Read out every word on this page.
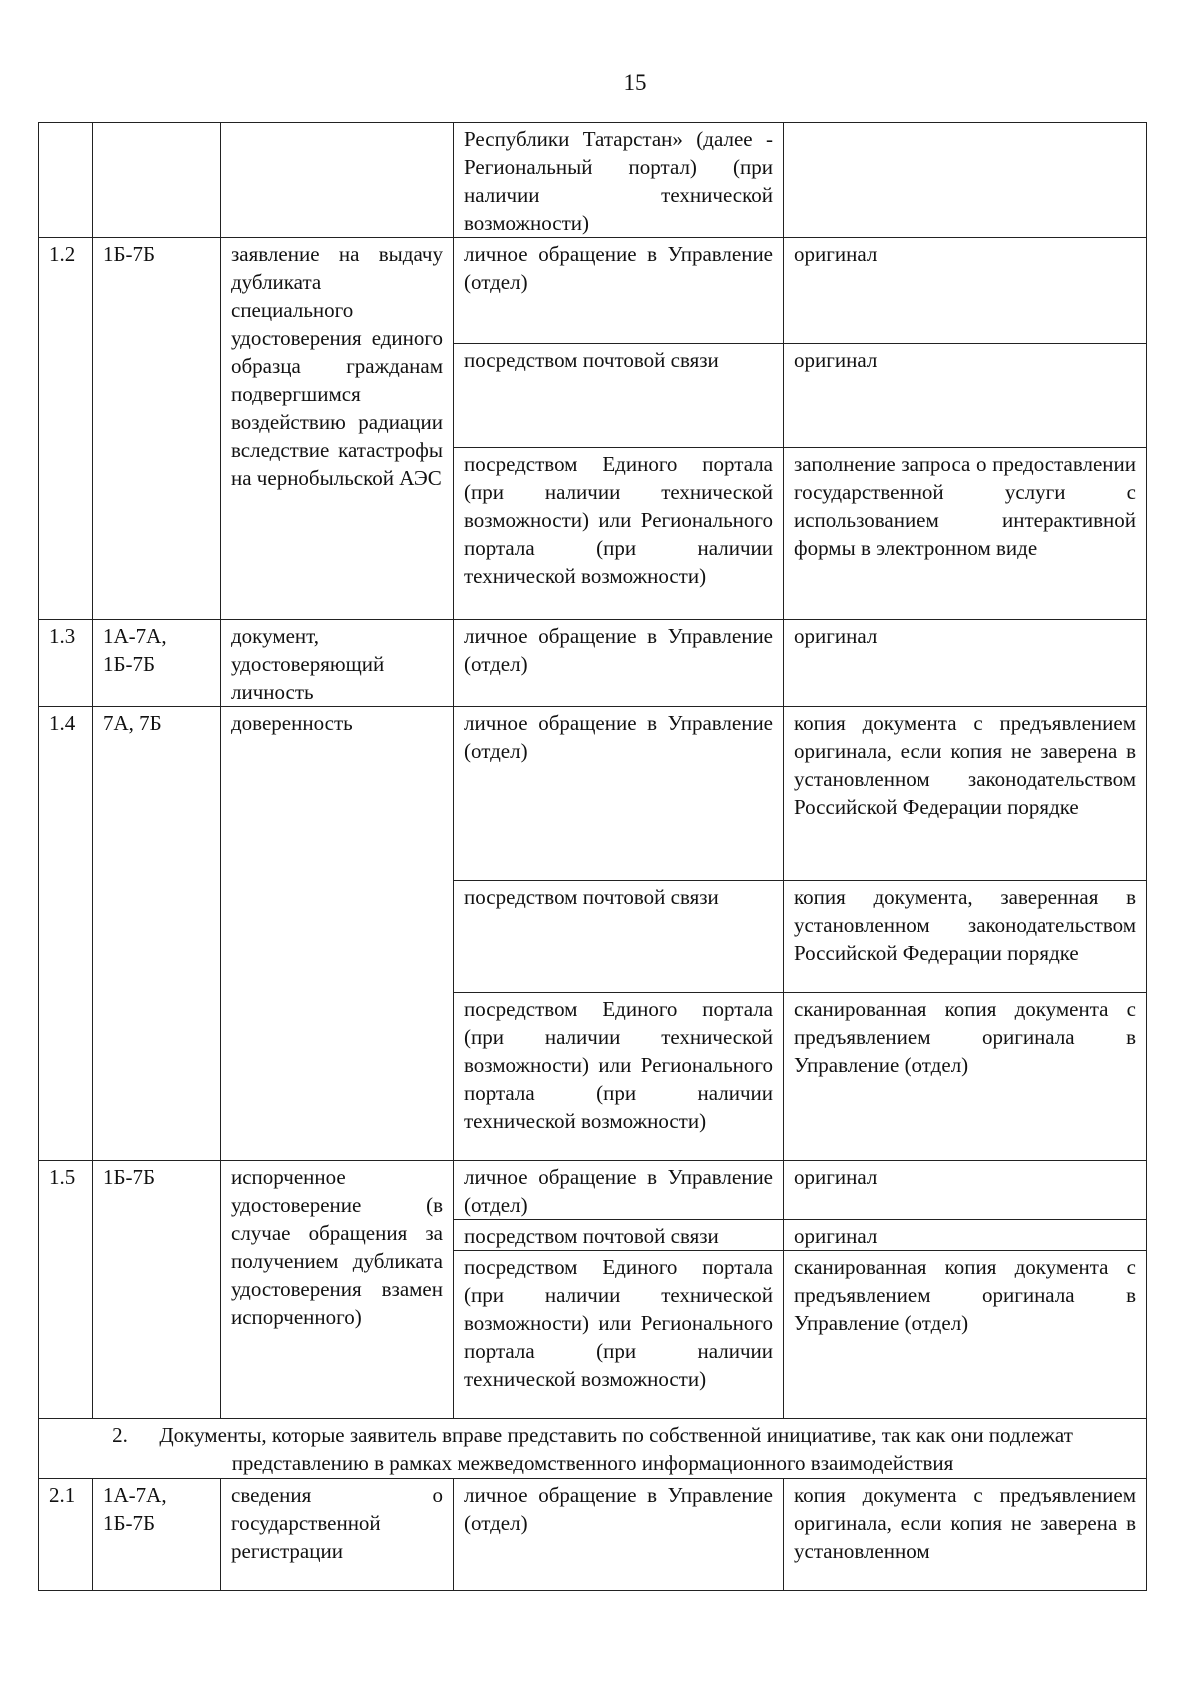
15
			Республики Татарстан» (далее - Региональный портал) (при наличии технической возможности)	
1.2	1Б-7Б	заявление на выдачу дубликата специального удостоверения единого образца гражданам подвергшимся воздействию радиации вследствие катастрофы на чернобыльской АЭС	личное обращение в Управление (отдел)	оригинал
			посредством почтовой связи	оригинал
			посредством Единого портала (при наличии технической возможности) или Регионального портала (при наличии технической возможности)	заполнение запроса о предоставлении государственной услуги с использованием интерактивной формы в электронном виде
1.3	1А-7А, 1Б-7Б	документ, удостоверяющий личность	личное обращение в Управление (отдел)	оригинал
1.4	7А, 7Б	доверенность	личное обращение в Управление (отдел)	копия документа с предъявлением оригинала, если копия не заверена в установленном законодательством Российской Федерации порядке
			посредством почтовой связи	копия документа, заверенная в установленном законодательством Российской Федерации порядке
			посредством Единого портала (при наличии технической возможности) или Регионального портала (при наличии технической возможности)	сканированная копия документа с предъявлением оригинала в Управление (отдел)
1.5	1Б-7Б	испорченное удостоверение (в случае обращения за получением дубликата удостоверения взамен испорченного)	личное обращение в Управление (отдел)	оригинал
			посредством почтовой связи	оригинал
			посредством Единого портала (при наличии технической возможности) или Регионального портала (при наличии технической возможности)	сканированная копия документа с предъявлением оригинала в Управление (отдел)
2. Документы, которые заявитель вправе представить по собственной инициативе, так как они подлежат представлению в рамках межведомственного информационного взаимодействия				
2.1	1А-7А, 1Б-7Б	сведения о государственной регистрации	личное обращение в Управление (отдел)	копия документа с предъявлением оригинала, если копия не заверена в установленном
